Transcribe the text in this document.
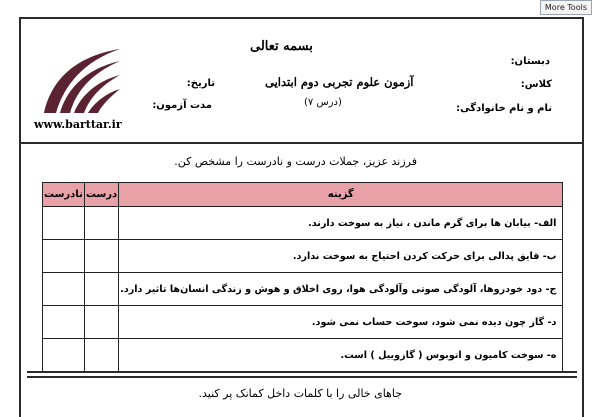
More Tools
بسمه تعالی
آزمون علوم تجربی دوم ابتدایی
(درس ۷)
دبستان:
کلاس:
نام و نام خانوادگی:
تاریخ:
مدت آزمون:
www.barttar.ir
فرزند عزیز، جملات درست و نادرست را مشخص کن.
گزینه	درست	نادرست
الف- بیابان ها برای گرم ماندن ، نیاز به سوخت دارند.		
ب- قایق پدالی برای حرکت کردن احتیاج به سوخت ندارد.		
ج- دود خودروها، آلودگی صوتی وآلودگی هوا، روی اخلاق و هوش و زندگی انسان‌ها تاثیر دارد.		
د- گاز چون دیده نمی شود، سوخت حساب نمی شود.		
ه- سوخت کامیون و اتوبوس ( گازوییل ) است.		
جاهای خالی را با کلمات داخل کمانک پر کنید.
